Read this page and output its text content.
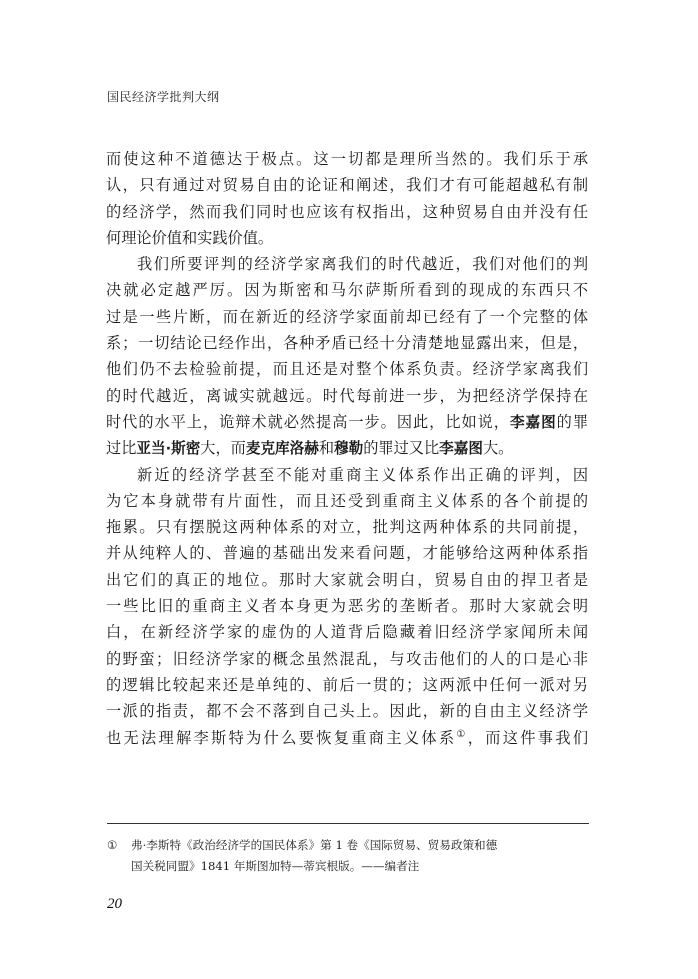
国民经济学批判大纲
而使这种不道德达于极点。这一切都是理所当然的。我们乐于承
认，只有通过对贸易自由的论证和阐述，我们才有可能超越私有制
的经济学，然而我们同时也应该有权指出，这种贸易自由并没有任
何理论价值和实践价值。
我们所要评判的经济学家离我们的时代越近，我们对他们的判
决就必定越严厉。因为斯密和马尔萨斯所看到的现成的东西只不
过是一些片断，而在新近的经济学家面前却已经有了一个完整的体
系；一切结论已经作出，各种矛盾已经十分清楚地显露出来，但是，
他们仍不去检验前提，而且还是对整个体系负责。经济学家离我们
的时代越近，离诚实就越远。时代每前进一步，为把经济学保持在
时代的水平上，诡辩术就必然提高一步。因此，比如说，李嘉图的罪
过比亚当·斯密大，而麦克库洛赫和穆勒的罪过又比李嘉图大。
新近的经济学甚至不能对重商主义体系作出正确的评判，因
为它本身就带有片面性，而且还受到重商主义体系的各个前提的
拖累。只有摆脱这两种体系的对立，批判这两种体系的共同前提，
并从纯粹人的、普遍的基础出发来看问题，才能够给这两种体系指
出它们的真正的地位。那时大家就会明白，贸易自由的捍卫者是
一些比旧的重商主义者本身更为恶劣的垄断者。那时大家就会明
白，在新经济学家的虚伪的人道背后隐藏着旧经济学家闻所未闻
的野蛮；旧经济学家的概念虽然混乱，与攻击他们的人的口是心非
的逻辑比较起来还是单纯的、前后一贯的；这两派中任何一派对另
一派的指责，都不会不落到自己头上。因此，新的自由主义经济学
也无法理解李斯特为什么要恢复重商主义体系①，而这件事我们
① 弗·李斯特《政治经济学的国民体系》第 1 卷《国际贸易、贸易政策和德
国关税同盟》1841 年斯图加特—蒂宾根版。——编者注
20
